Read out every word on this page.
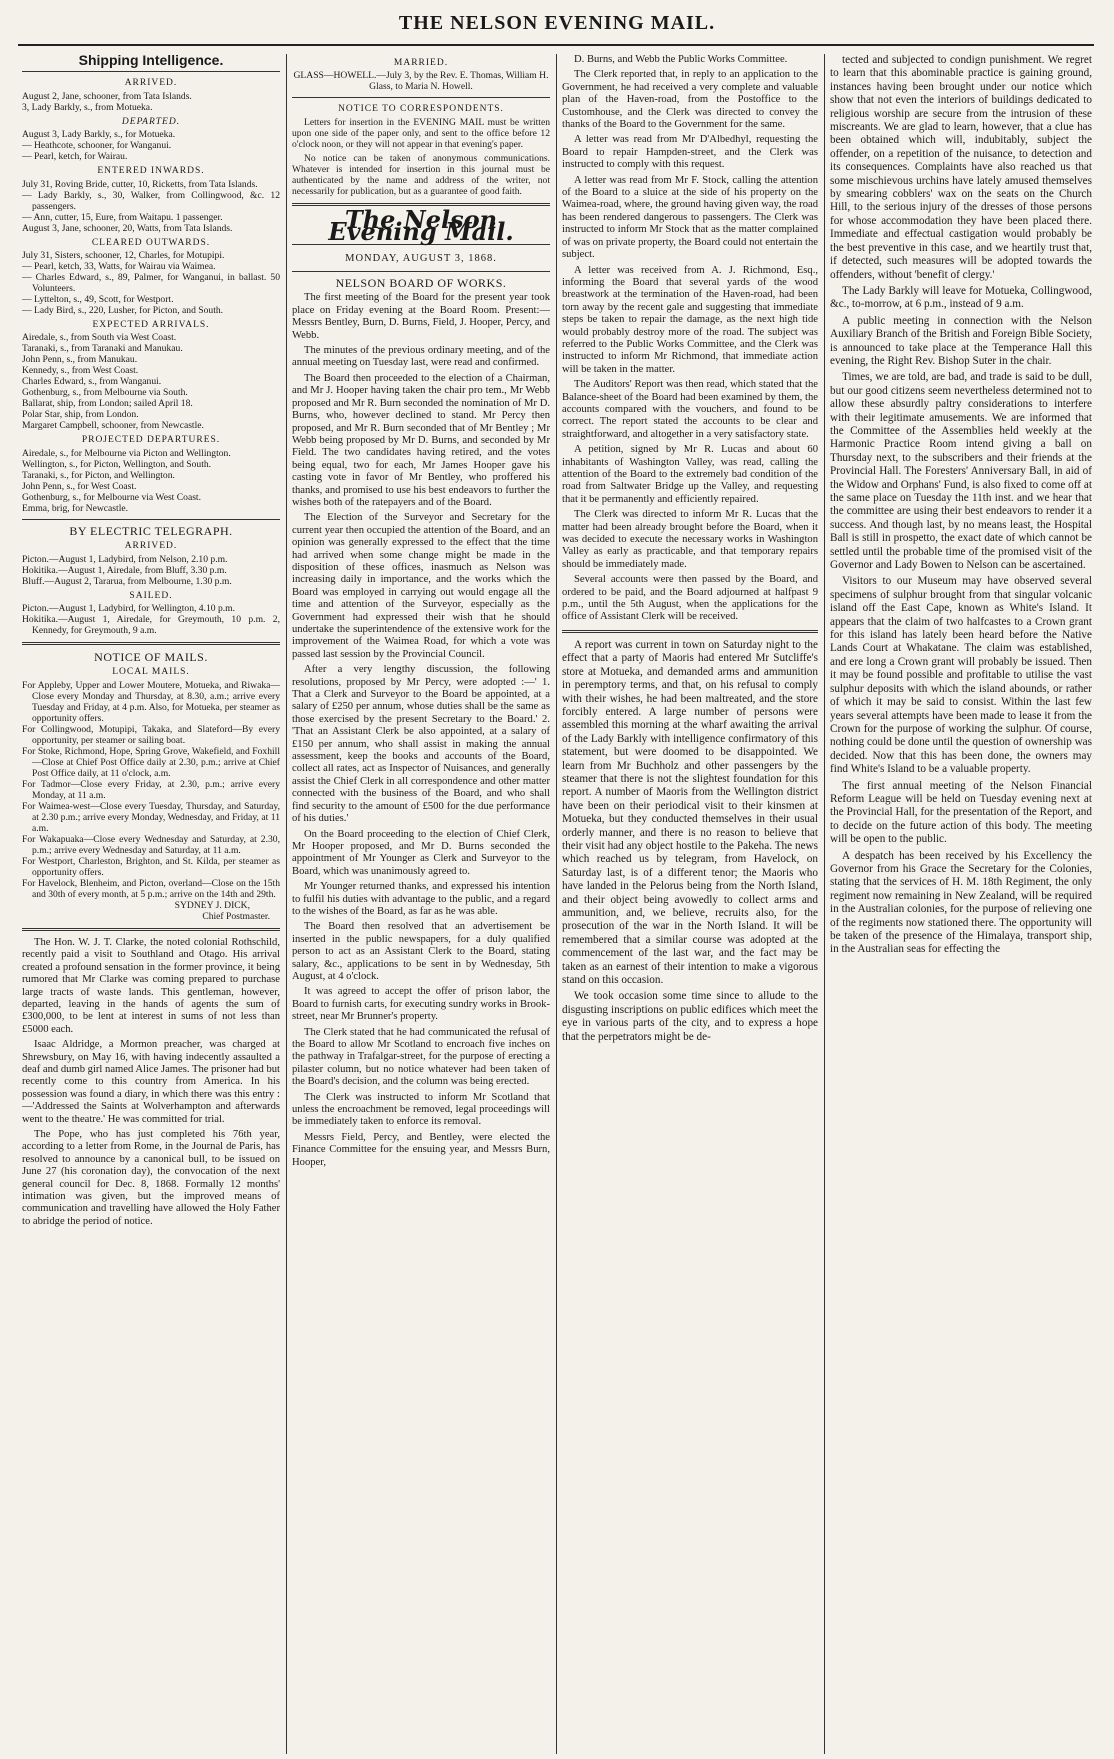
THE NELSON EVENING MAIL.
Shipping Intelligence.
ARRIVED.

August 2, Jane, schooner, from Tata Islands.

3, Lady Barkly, s., from Motueka.

DEPARTED.

August 3, Lady Barkly, s., for Motueka.

— Heathcote, schooner, for Wanganui.

— Pearl, ketch, for Wairau.

ENTERED INWARDS.

July 31, Roving Bride, cutter, 10, Ricketts, from Tata Islands.

— Lady Barkly, s., 30, Walker, from Collingwood, &c. 12 passengers.

— Ann, cutter, 15, Eure, from Waitapu. 1 passenger.

August 3, Jane, schooner, 20, Watts, from Tata Islands.

CLEARED OUTWARDS.

July 31, Sisters, schooner, 12, Charles, for Motupipi.

— Pearl, ketch, 33, Watts, for Wairau via Waimea.

— Charles Edward, s., 89, Palmer, for Wanganui, in ballast. 50 Volunteers.

— Lyttelton, s., 49, Scott, for Westport.

— Lady Bird, s., 220, Lusher, for Picton, and South.

EXPECTED ARRIVALS.

Airedale, s., from South via West Coast.

Taranaki, s., from Taranaki and Manukau.

John Penn, s., from Manukau.

Kennedy, s., from West Coast.

Charles Edward, s., from Wanganui.

Gothenburg, s., from Melbourne via South.

Ballarat, ship, from London; sailed April 18.

Polar Star, ship, from London.

Margaret Campbell, schooner, from Newcastle.

PROJECTED DEPARTURES.

Airedale, s., for Melbourne via Picton and Wellington.

Wellington, s., for Picton, Wellington, and South.

Taranaki, s., for Picton, and Wellington.

John Penn, s., for West Coast.

Gothenburg, s., for Melbourne via West Coast.

Emma, brig, for Newcastle.

BY ELECTRIC TELEGRAPH.
ARRIVED.

Picton.—August 1, Ladybird, from Nelson, 2.10 p.m.

Hokitika.—August 1, Airedale, from Bluff, 3.30 p.m.

Bluff.—August 2, Tararua, from Melbourne, 1.30 p.m.

SAILED.

Picton.—August 1, Ladybird, for Wellington, 4.10 p.m.

Hokitika.—August 1, Airedale, for Greymouth, 10 p.m. 2, Kennedy, for Greymouth, 9 a.m.

NOTICE OF MAILS.
LOCAL MAILS.

For Appleby, Upper and Lower Moutere, Motueka, and Riwaka—Close every Monday and Thursday, at 8.30, a.m.; arrive every Tuesday and Friday, at 4 p.m. Also, for Motueka, per steamer as opportunity offers.

For Collingwood, Motupipi, Takaka, and Slateford—By every opportunity, per steamer or sailing boat.

For Stoke, Richmond, Hope, Spring Grove, Wakefield, and Foxhill—Close at Chief Post Office daily at 2.30, p.m.; arrive at Chief Post Office daily, at 11 o'clock, a.m.

For Tadmor—Close every Friday, at 2.30, p.m.; arrive every Monday, at 11 a.m.

For Waimea-west—Close every Tuesday, Thursday, and Saturday, at 2.30 p.m.; arrive every Monday, Wednesday, and Friday, at 11 a.m.

For Wakapuaka—Close every Wednesday and Saturday, at 2.30, p.m.; arrive every Wednesday and Saturday, at 11 a.m.

For Westport, Charleston, Brighton, and St. Kilda, per steamer as opportunity offers.

For Havelock, Blenheim, and Picton, overland—Close on the 15th and 30th of every month, at 5 p.m.; arrive on the 14th and 29th.

SYDNEY J. DICK,
Chief Postmaster.

The Hon. W. J. T. Clarke, the noted colonial Rothschild, recently paid a visit to Southland and Otago. His arrival created a profound sensation in the former province, it being rumored that Mr Clarke was coming prepared to purchase large tracts of waste lands. This gentleman, however, departed, leaving in the hands of agents the sum of £300,000, to be lent at interest in sums of not less than £5000 each.

Isaac Aldridge, a Mormon preacher, was charged at Shrewsbury, on May 16, with having indecently assaulted a deaf and dumb girl named Alice James. The prisoner had but recently come to this country from America. In his possession was found a diary, in which there was this entry :—'Addressed the Saints at Wolverhampton and afterwards went to the theatre.' He was committed for trial.

The Pope, who has just completed his 76th year, according to a letter from Rome, in the Journal de Paris, has resolved to announce by a canonical bull, to be issued on June 27 (his coronation day), the convocation of the next general council for Dec. 8, 1868. Formally 12 months' intimation was given, but the improved means of communication and travelling have allowed the Holy Father to abridge the period of notice.

MARRIED.
GLASS—HOWELL.—July 3, by the Rev. E. Thomas, William H. Glass, to Maria N. Howell.
NOTICE TO CORRESPONDENTS.

Letters for insertion in the EVENING MAIL must be written upon one side of the paper only, and sent to the office before 12 o'clock noon, or they will not appear in that evening's paper.

No notice can be taken of anonymous communications. Whatever is intended for insertion in this journal must be authenticated by the name and address of the writer, not necessarily for publication, but as a guarantee of good faith.

The Nelson Evening Mail.
MONDAY, AUGUST 3, 1868.
NELSON BOARD OF WORKS.

The first meeting of the Board for the present year took place on Friday evening at the Board Room. Present:—Messrs Bentley, Burn, D. Burns, Field, J. Hooper, Percy, and Webb.

The minutes of the previous ordinary meeting, and of the annual meeting on Tuesday last, were read and confirmed.

The Board then proceeded to the election of a Chairman, and Mr J. Hooper having taken the chair pro tem., Mr Webb proposed and Mr R. Burn seconded the nomination of Mr D. Burns, who, however declined to stand. Mr Percy then proposed, and Mr R. Burn seconded that of Mr Bentley ; Mr Webb being proposed by Mr D. Burns, and seconded by Mr Field. The two candidates having retired, and the votes being equal, two for each, Mr James Hooper gave his casting vote in favor of Mr Bentley, who proffered his thanks, and promised to use his best endeavors to further the wishes both of the ratepayers and of the Board.

The Election of the Surveyor and Secretary for the current year then occupied the attention of the Board, and an opinion was generally expressed to the effect that the time had arrived when some change might be made in the disposition of these offices, inasmuch as Nelson was increasing daily in importance, and the works which the Board was employed in carrying out would engage all the time and attention of the Surveyor, especially as the Government had expressed their wish that he should undertake the superintendence of the extensive work for the improvement of the Waimea Road, for which a vote was passed last session by the Provincial Council.

After a very lengthy discussion, the following resolutions, proposed by Mr Percy, were adopted :—' 1. That a Clerk and Surveyor to the Board be appointed, at a salary of £250 per annum, whose duties shall be the same as those exercised by the present Secretary to the Board.' 2. 'That an Assistant Clerk be also appointed, at a salary of £150 per annum, who shall assist in making the annual assessment, keep the books and accounts of the Board, collect all rates, act as Inspector of Nuisances, and generally assist the Chief Clerk in all correspondence and other matter connected with the business of the Board, and who shall find security to the amount of £500 for the due performance of his duties.'

On the Board proceeding to the election of Chief Clerk, Mr Hooper proposed, and Mr D. Burns seconded the appointment of Mr Younger as Clerk and Surveyor to the Board, which was unanimously agreed to.

Mr Younger returned thanks, and expressed his intention to fulfil his duties with advantage to the public, and a regard to the wishes of the Board, as far as he was able.

The Board then resolved that an advertisement be inserted in the public newspapers, for a duly qualified person to act as an Assistant Clerk to the Board, stating salary, &c., applications to be sent in by Wednesday, 5th August, at 4 o'clock.

It was agreed to accept the offer of prison labor, the Board to furnish carts, for executing sundry works in Brook-street, near Mr Brunner's property.

The Clerk stated that he had communicated the refusal of the Board to allow Mr Scotland to encroach five inches on the pathway in Trafalgar-street, for the purpose of erecting a pilaster column, but no notice whatever had been taken of the Board's decision, and the column was being erected.

The Clerk was instructed to inform Mr Scotland that unless the encroachment be removed, legal proceedings will be immediately taken to enforce its removal.

Messrs Field, Percy, and Bentley, were elected the Finance Committee for the ensuing year, and Messrs Burn, Hooper,

D. Burns, and Webb the Public Works Committee.

The Clerk reported that, in reply to an application to the Government, he had received a very complete and valuable plan of the Haven-road, from the Postoffice to the Customhouse, and the Clerk was directed to convey the thanks of the Board to the Government for the same.

A letter was read from Mr D'Albedhyl, requesting the Board to repair Hampden-street, and the Clerk was instructed to comply with this request.

A letter was read from Mr F. Stock, calling the attention of the Board to a sluice at the side of his property on the Waimea-road, where, the ground having given way, the road has been rendered dangerous to passengers. The Clerk was instructed to inform Mr Stock that as the matter complained of was on private property, the Board could not entertain the subject.

A letter was received from A. J. Richmond, Esq., informing the Board that several yards of the wood breastwork at the termination of the Haven-road, had been torn away by the recent gale and suggesting that immediate steps be taken to repair the damage, as the next high tide would probably destroy more of the road. The subject was referred to the Public Works Committee, and the Clerk was instructed to inform Mr Richmond, that immediate action will be taken in the matter.

The Auditors' Report was then read, which stated that the Balance-sheet of the Board had been examined by them, the accounts compared with the vouchers, and found to be correct. The report stated the accounts to be clear and straightforward, and altogether in a very satisfactory state.

A petition, signed by Mr R. Lucas and about 60 inhabitants of Washington Valley, was read, calling the attention of the Board to the extremely bad condition of the road from Saltwater Bridge up the Valley, and requesting that it be permanently and efficiently repaired.

The Clerk was directed to inform Mr R. Lucas that the matter had been already brought before the Board, when it was decided to execute the necessary works in Washington Valley as early as practicable, and that temporary repairs should be immediately made.

Several accounts were then passed by the Board, and ordered to be paid, and the Board adjourned at halfpast 9 p.m., until the 5th August, when the applications for the office of Assistant Clerk will be received.

A report was current in town on Saturday night to the effect that a party of Maoris had entered Mr Sutcliffe's store at Motueka, and demanded arms and ammunition in peremptory terms, and that, on his refusal to comply with their wishes, he had been maltreated, and the store forcibly entered. A large number of persons were assembled this morning at the wharf awaiting the arrival of the Lady Barkly with intelligence confirmatory of this statement, but were doomed to be disappointed. We learn from Mr Buchholz and other passengers by the steamer that there is not the slightest foundation for this report. A number of Maoris from the Wellington district have been on their periodical visit to their kinsmen at Motueka, but they conducted themselves in their usual orderly manner, and there is no reason to believe that their visit had any object hostile to the Pakeha. The news which reached us by telegram, from Havelock, on Saturday last, is of a different tenor; the Maoris who have landed in the Pelorus being from the North Island, and their object being avowedly to collect arms and ammunition, and, we believe, recruits also, for the prosecution of the war in the North Island. It will be remembered that a similar course was adopted at the commencement of the last war, and the fact may be taken as an earnest of their intention to make a vigorous stand on this occasion.

We took occasion some time since to allude to the disgusting inscriptions on public edifices which meet the eye in various parts of the city, and to express a hope that the perpetrators might be de-

tected and subjected to condign punishment. We regret to learn that this abominable practice is gaining ground, instances having been brought under our notice which show that not even the interiors of buildings dedicated to religious worship are secure from the intrusion of these miscreants. We are glad to learn, however, that a clue has been obtained which will, indubitably, subject the offender, on a repetition of the nuisance, to detection and its consequences. Complaints have also reached us that some mischievous urchins have lately amused themselves by smearing cobblers' wax on the seats on the Church Hill, to the serious injury of the dresses of those persons for whose accommodation they have been placed there. Immediate and effectual castigation would probably be the best preventive in this case, and we heartily trust that, if detected, such measures will be adopted towards the offenders, without 'benefit of clergy.'

The Lady Barkly will leave for Motueka, Collingwood, &c., to-morrow, at 6 p.m., instead of 9 a.m.

A public meeting in connection with the Nelson Auxiliary Branch of the British and Foreign Bible Society, is announced to take place at the Temperance Hall this evening, the Right Rev. Bishop Suter in the chair.

Times, we are told, are bad, and trade is said to be dull, but our good citizens seem nevertheless determined not to allow these absurdly paltry considerations to interfere with their legitimate amusements. We are informed that the Committee of the Assemblies held weekly at the Harmonic Practice Room intend giving a ball on Thursday next, to the subscribers and their friends at the Provincial Hall. The Foresters' Anniversary Ball, in aid of the Widow and Orphans' Fund, is also fixed to come off at the same place on Tuesday the 11th inst. and we hear that the committee are using their best endeavors to render it a success. And though last, by no means least, the Hospital Ball is still in prospetto, the exact date of which cannot be settled until the probable time of the promised visit of the Governor and Lady Bowen to Nelson can be ascertained.

Visitors to our Museum may have observed several specimens of sulphur brought from that singular volcanic island off the East Cape, known as White's Island. It appears that the claim of two halfcastes to a Crown grant for this island has lately been heard before the Native Lands Court at Whakatane. The claim was established, and ere long a Crown grant will probably be issued. Then it may be found possible and profitable to utilise the vast sulphur deposits with which the island abounds, or rather of which it may be said to consist. Within the last few years several attempts have been made to lease it from the Crown for the purpose of working the sulphur. Of course, nothing could be done until the question of ownership was decided. Now that this has been done, the owners may find White's Island to be a valuable property.

The first annual meeting of the Nelson Financial Reform League will be held on Tuesday evening next at the Provincial Hall, for the presentation of the Report, and to decide on the future action of this body. The meeting will be open to the public.

A despatch has been received by his Excellency the Governor from his Grace the Secretary for the Colonies, stating that the services of H. M. 18th Regiment, the only regiment now remaining in New Zealand, will be required in the Australian colonies, for the purpose of relieving one of the regiments now stationed there. The opportunity will be taken of the presence of the Himalaya, transport ship, in the Australian seas for effecting the
